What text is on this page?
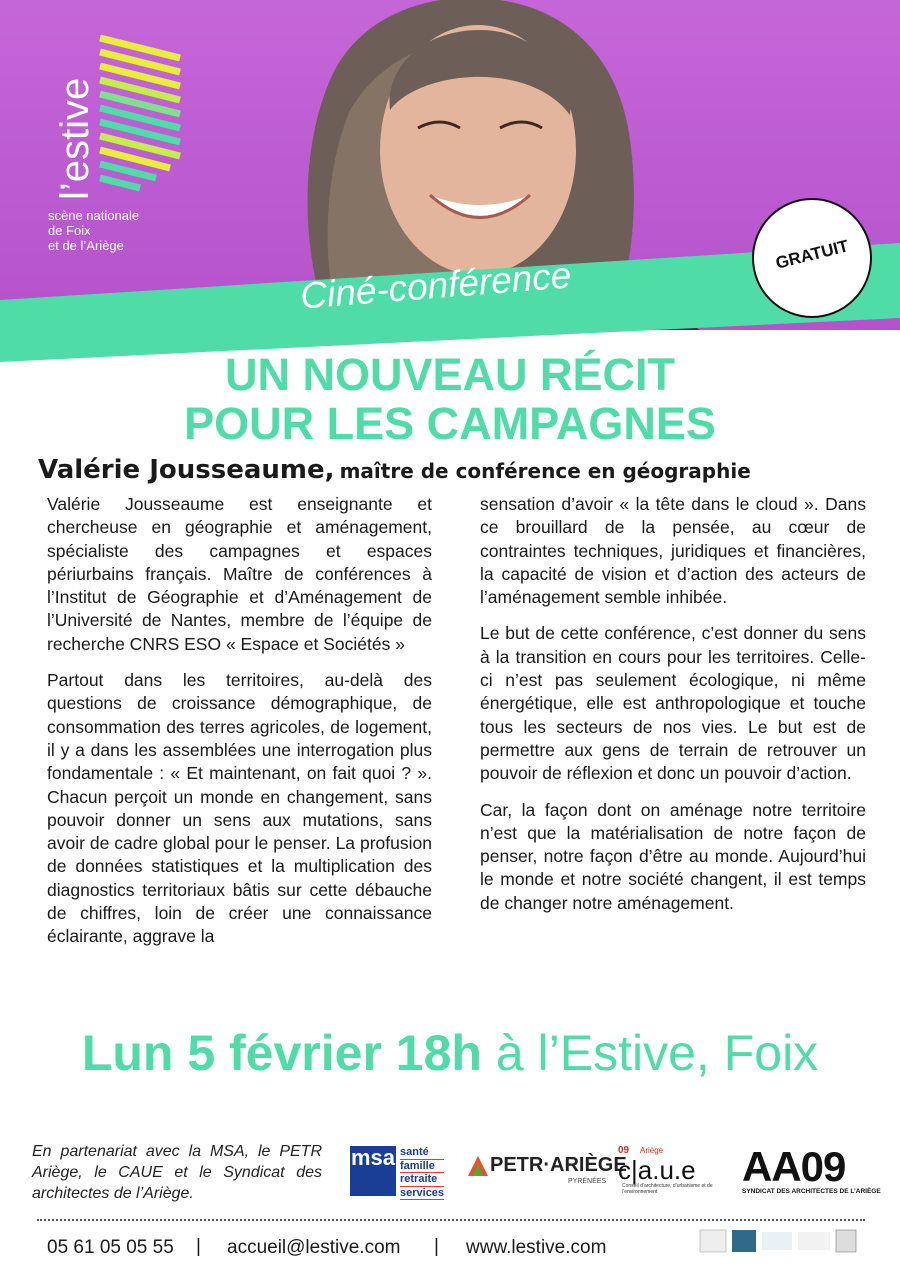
l’estive
scène nationale
de Foix
et de l’Ariège
Ciné-conférence	GRATUIT
UN NOUVEAU RÉCIT
POUR LES CAMPAGNES
Valérie Jousseaume, maître de conférence en géographie

Valérie Jousseaume est enseignante et chercheuse en géographie et aménagement, spécialiste des campagnes et espaces périurbains français. Maître de conférences à l’Institut de Géographie et d’Aménagement de l’Université de Nantes, membre de l’équipe de recherche CNRS ESO « Espace et Sociétés »

Partout dans les territoires, au-delà des questions de croissance démographique, de consommation des terres agricoles, de logement, il y a dans les assemblées une interrogation plus fondamentale : « Et maintenant, on fait quoi ? ». Chacun perçoit un monde en changement, sans pouvoir donner un sens aux mutations, sans avoir de cadre global pour le penser. La profusion de données statistiques et la multiplication des diagnostics territoriaux bâtis sur cette débauche de chiffres, loin de créer une connaissance éclairante, aggrave la

sensation d’avoir « la tête dans le cloud ». Dans ce brouillard de la pensée, au cœur de contraintes techniques, juridiques et financières, la capacité de vision et d’action des acteurs de l’aménagement semble inhibée.

Le but de cette conférence, c’est donner du sens à la transition en cours pour les territoires. Celle-ci n’est pas seulement écologique, ni même énergétique, elle est anthropologique et touche tous les secteurs de nos vies. Le but est de permettre aux gens de terrain de retrouver un pouvoir de réflexion et donc un pouvoir d’action.

Car, la façon dont on aménage notre territoire n’est que la matérialisation de notre façon de penser, notre façon d’être au monde. Aujourd’hui le monde et notre société changent, il est temps de changer notre aménagement.

Lun 5 février 18h à l’Estive, Foix
En partenariat avec la MSA, le PETR Ariège, le CAUE et le Syndicat des architectes de l’Ariège.
msa santé
famille
retraite
services
PETR·ARIÈGE
PYRÉNÉES
09 Ariège
c|a.u.e
Conseil d’architecture, d’urbanisme et de l’environnement
AA09
SYNDICAT DES ARCHITECTES DE L’ARIÈGE
05 61 05 05 55 | accueil@lestive.com | www.lestive.com
